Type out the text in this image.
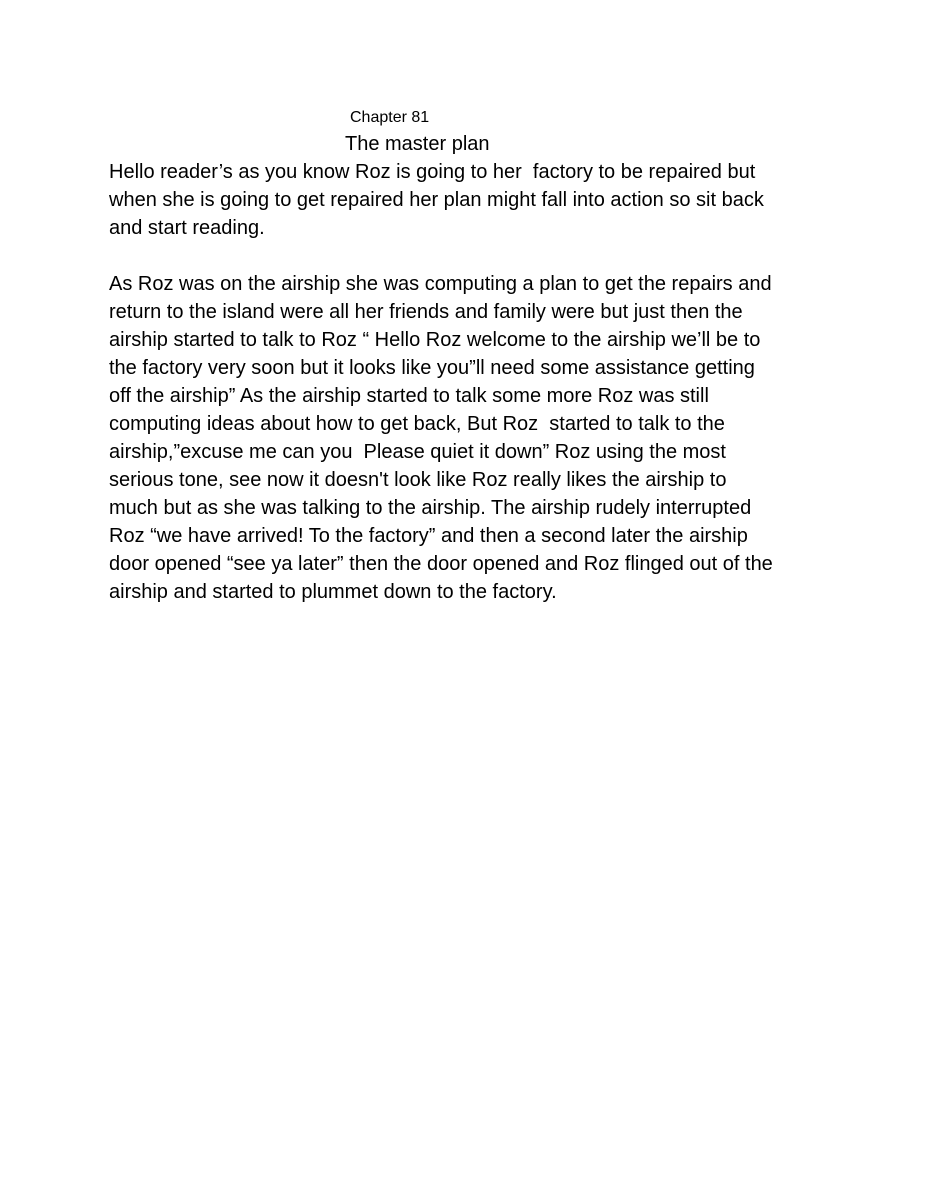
Chapter 81
The master plan
Hello reader’s as you know Roz is going to her  factory to be repaired but
when she is going to get repaired her plan might fall into action so sit back
and start reading.
As Roz was on the airship she was computing a plan to get the repairs and
return to the island were all her friends and family were but just then the
airship started to talk to Roz “ Hello Roz welcome to the airship we’ll be to
the factory very soon but it looks like you”ll need some assistance getting
off the airship” As the airship started to talk some more Roz was still
computing ideas about how to get back, But Roz  started to talk to the
airship,”excuse me can you  Please quiet it down” Roz using the most
serious tone, see now it doesn't look like Roz really likes the airship to
much but as she was talking to the airship. The airship rudely interrupted
Roz “we have arrived! To the factory” and then a second later the airship
door opened “see ya later” then the door opened and Roz flinged out of the
airship and started to plummet down to the factory.
